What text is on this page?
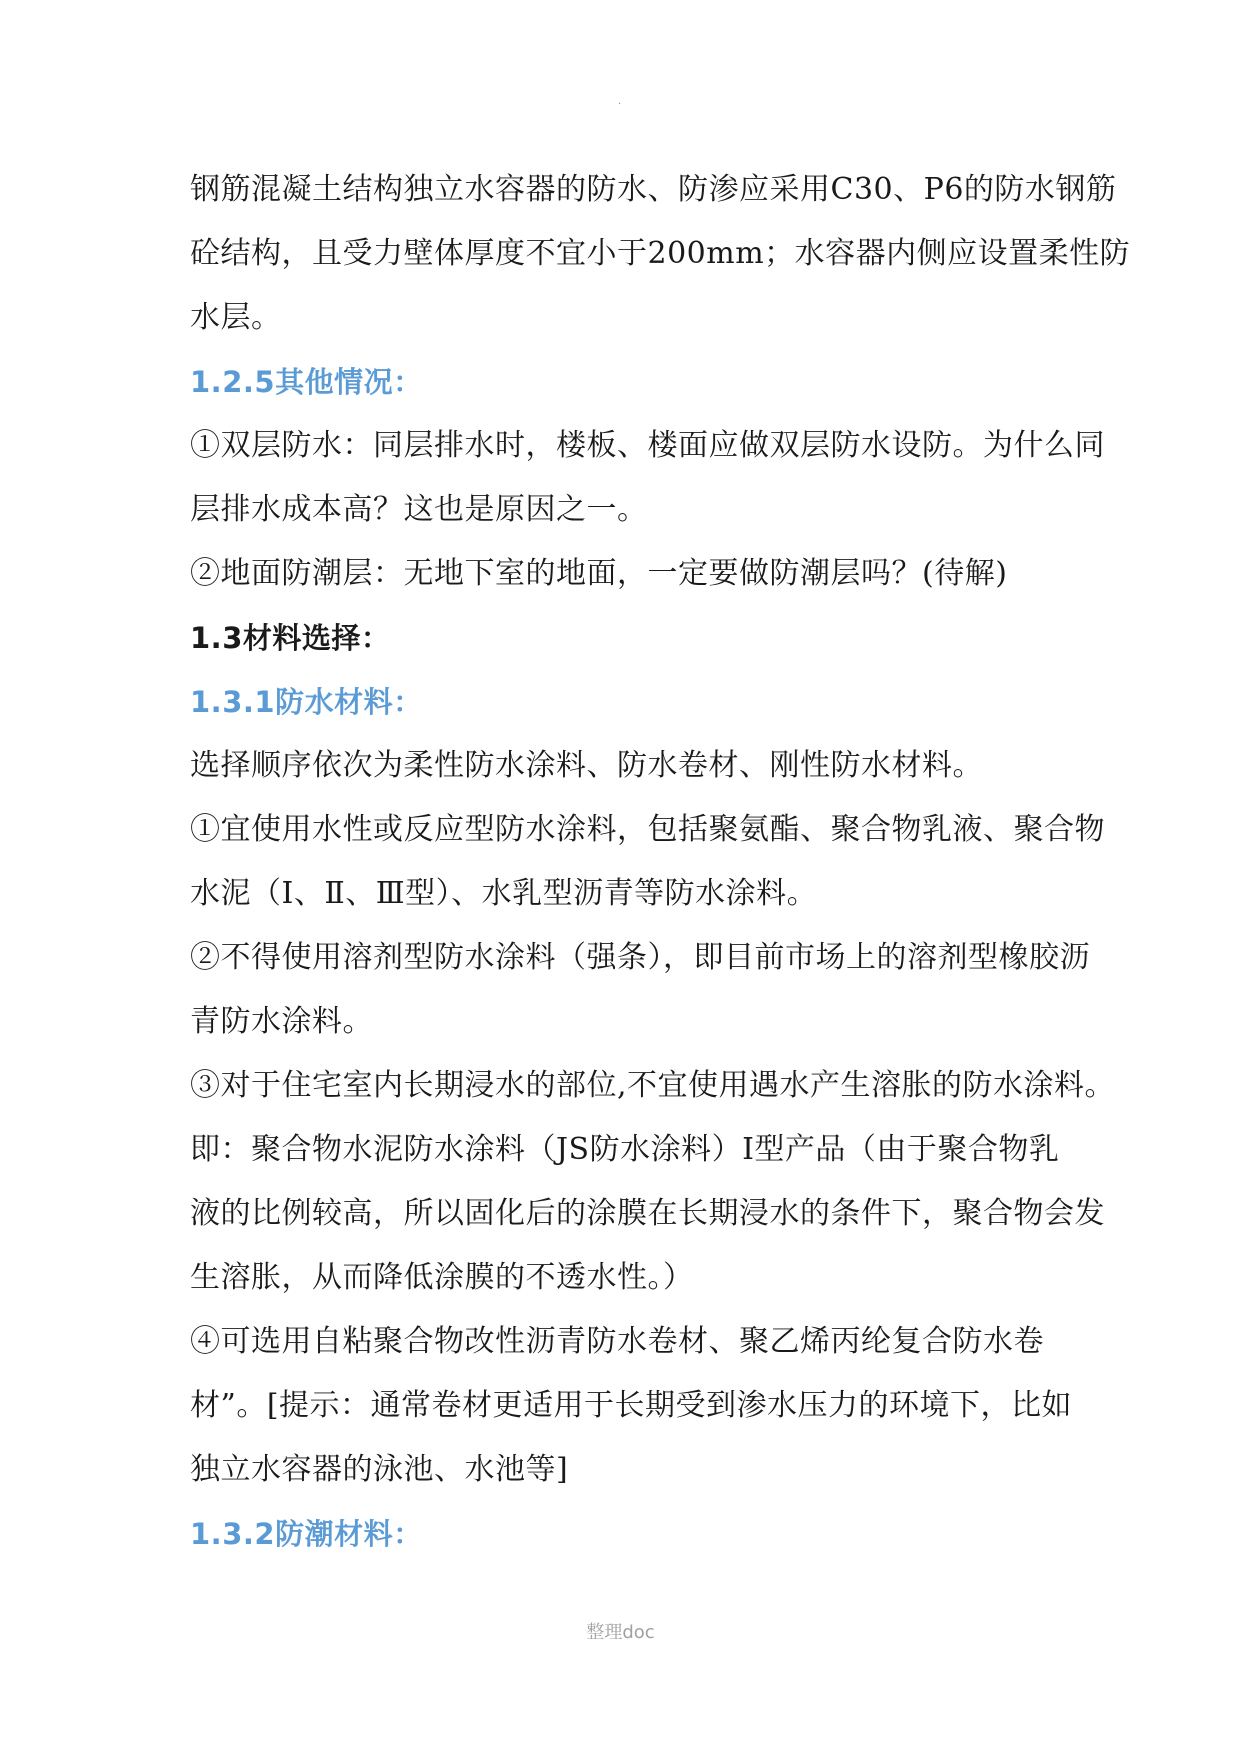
.
钢筋混凝土结构独立水容器的防水、防渗应采用C30、P6的防水钢筋
砼结构，且受力壁体厚度不宜小于200mm；水容器内侧应设置柔性防
水层。
1.2.5其他情况：
①双层防水：同层排水时，楼板、楼面应做双层防水设防。为什么同
层排水成本高？这也是原因之一。
②地面防潮层：无地下室的地面，一定要做防潮层吗？(待解)
1.3材料选择：
1.3.1防水材料：
选择顺序依次为柔性防水涂料、防水卷材、刚性防水材料。
①宜使用水性或反应型防水涂料，包括聚氨酯、聚合物乳液、聚合物
水泥（Ⅰ、Ⅱ、Ⅲ型）、水乳型沥青等防水涂料。
②不得使用溶剂型防水涂料（强条），即目前市场上的溶剂型橡胶沥
青防水涂料。
③对于住宅室内长期浸水的部位,不宜使用遇水产生溶胀的防水涂料。
即：聚合物水泥防水涂料（JS防水涂料）Ⅰ型产品（由于聚合物乳
液的比例较高，所以固化后的涂膜在长期浸水的条件下，聚合物会发
生溶胀，从而降低涂膜的不透水性。）
④可选用自粘聚合物改性沥青防水卷材、聚乙烯丙纶复合防水卷
材”。[提示：通常卷材更适用于长期受到渗水压力的环境下，比如
独立水容器的泳池、水池等]
1.3.2防潮材料：
整理doc
